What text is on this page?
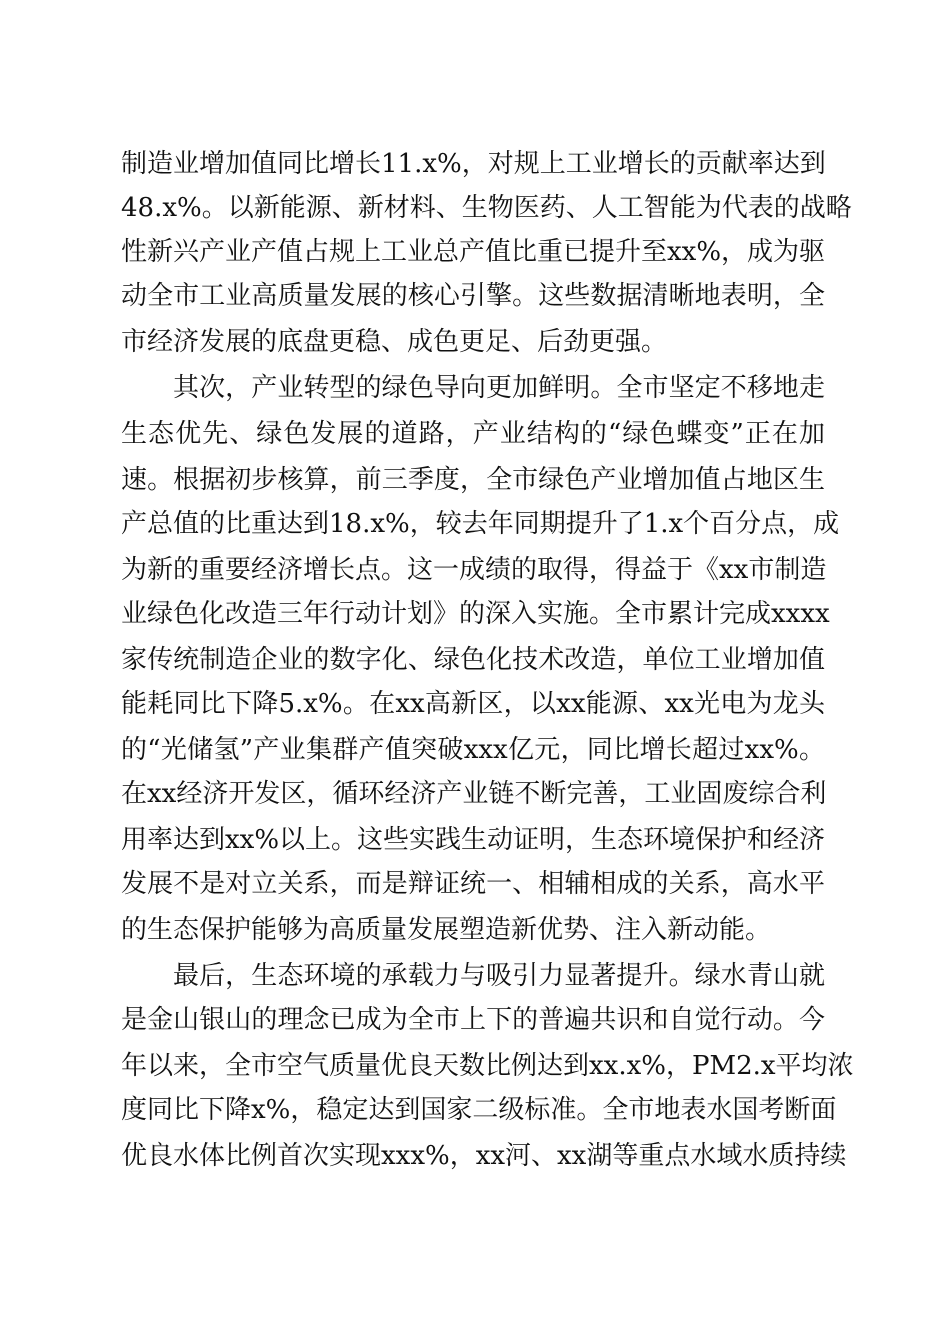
制造业增加值同比增长11.x%，对规上工业增长的贡献率达到
48.x%。以新能源、新材料、生物医药、人工智能为代表的战略
性新兴产业产值占规上工业总产值比重已提升至xx%，成为驱
动全市工业高质量发展的核心引擎。这些数据清晰地表明，全
市经济发展的底盘更稳、成色更足、后劲更强。
其次，产业转型的绿色导向更加鲜明。全市坚定不移地走
生态优先、绿色发展的道路，产业结构的“绿色蝶变”正在加
速。根据初步核算，前三季度，全市绿色产业增加值占地区生
产总值的比重达到18.x%，较去年同期提升了1.x个百分点，成
为新的重要经济增长点。这一成绩的取得，得益于《xx市制造
业绿色化改造三年行动计划》的深入实施。全市累计完成xxxx
家传统制造企业的数字化、绿色化技术改造，单位工业增加值
能耗同比下降5.x%。在xx高新区，以xx能源、xx光电为龙头
的“光储氢”产业集群产值突破xxx亿元，同比增长超过xx%。
在xx经济开发区，循环经济产业链不断完善，工业固废综合利
用率达到xx%以上。这些实践生动证明，生态环境保护和经济
发展不是对立关系，而是辩证统一、相辅相成的关系，高水平
的生态保护能够为高质量发展塑造新优势、注入新动能。
最后，生态环境的承载力与吸引力显著提升。绿水青山就
是金山银山的理念已成为全市上下的普遍共识和自觉行动。今
年以来，全市空气质量优良天数比例达到xx.x%，PM2.x平均浓
度同比下降x%，稳定达到国家二级标准。全市地表水国考断面
优良水体比例首次实现xxx%，xx河、xx湖等重点水域水质持续
